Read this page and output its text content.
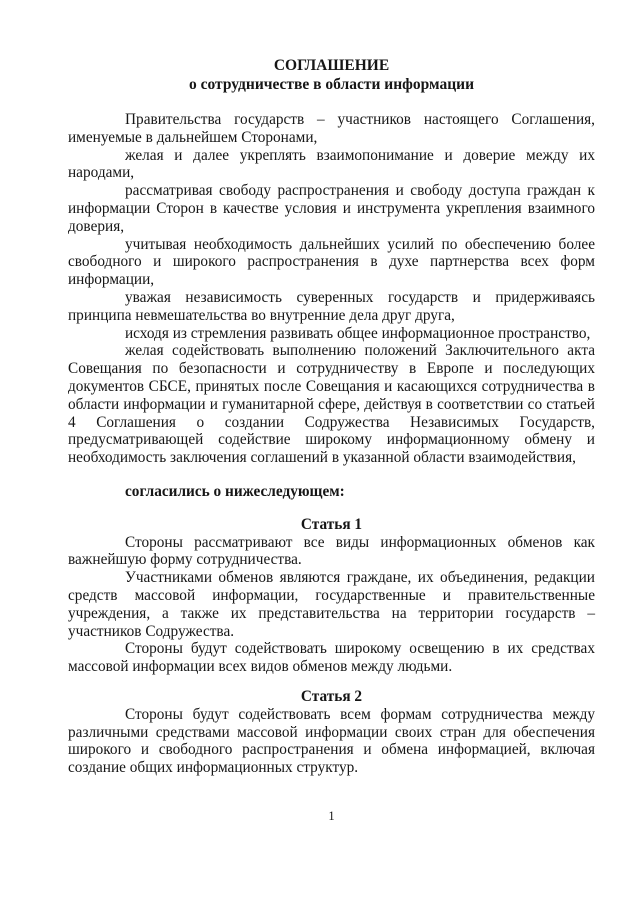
СОГЛАШЕНИЕ
о сотрудничестве в области информации

Правительства государств – участников настоящего Соглашения, именуемые в дальнейшем Сторонами,

желая и далее укреплять взаимопонимание и доверие между их народами,

рассматривая свободу распространения и свободу доступа граждан к информации Сторон в качестве условия и инструмента укрепления взаимного доверия,

учитывая необходимость дальнейших усилий по обеспечению более свободного и широкого распространения в духе партнерства всех форм информации,

уважая независимость суверенных государств и придерживаясь принципа невмешательства во внутренние дела друг друга,

исходя из стремления развивать общее информационное пространство,

желая содействовать выполнению положений Заключительного акта Совещания по безопасности и сотрудничеству в Европе и последующих документов СБСЕ, принятых после Совещания и касающихся сотрудничества в области информации и гуманитарной сфере, действуя в соответствии со статьей 4 Соглашения о создании Содружества Независимых Государств, предусматривающей содействие широкому информационному обмену и необходимость заключения соглашений в указанной области взаимодействия,

согласились о нижеследующем:

Статья 1

Стороны рассматривают все виды информационных обменов как важнейшую форму сотрудничества.

Участниками обменов являются граждане, их объединения, редакции средств массовой информации, государственные и правительственные учреждения, а также их представительства на территории государств – участников Содружества.

Стороны будут содействовать широкому освещению в их средствах массовой информации всех видов обменов между людьми.

Статья 2

Стороны будут содействовать всем формам сотрудничества между различными средствами массовой информации своих стран для обеспечения широкого и свободного распространения и обмена информацией, включая создание общих информационных структур.

1
